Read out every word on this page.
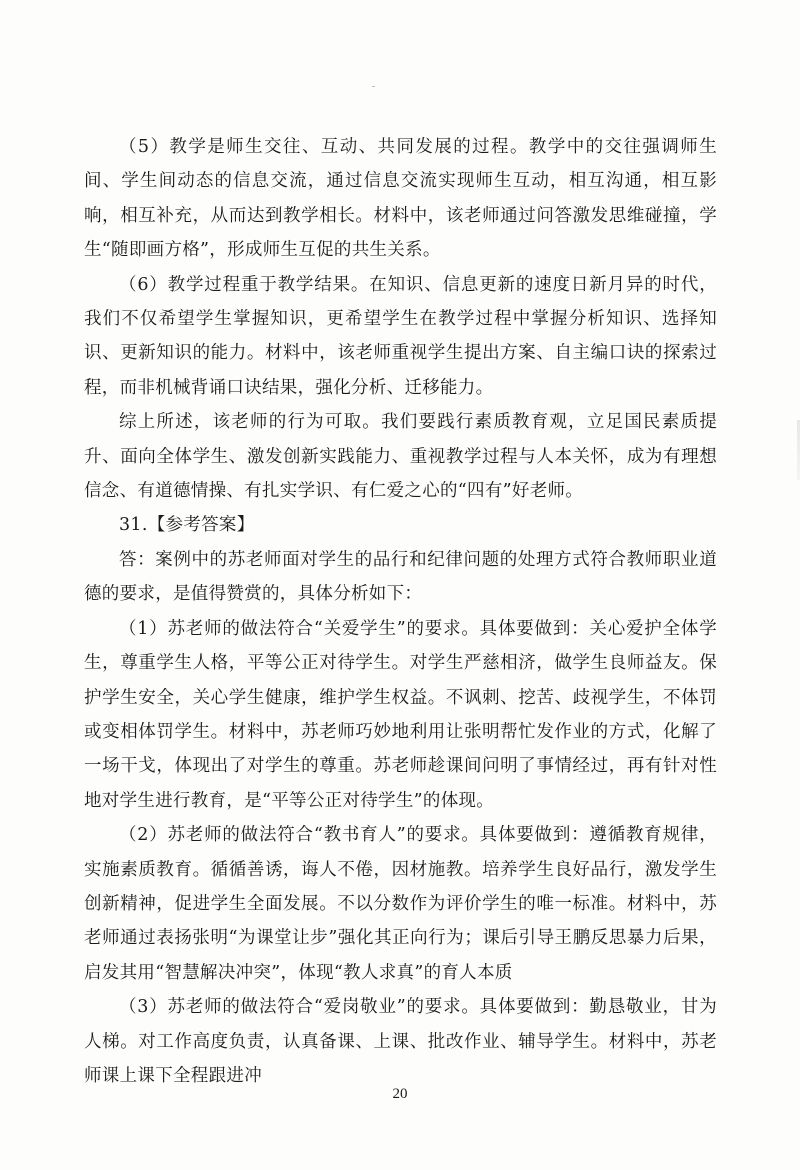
（5）教学是师生交往、互动、共同发展的过程。教学中的交往强调师生间、学生间动态的信息交流，通过信息交流实现师生互动，相互沟通，相互影响，相互补充，从而达到教学相长。材料中，该老师通过问答激发思维碰撞，学生“随即画方格”，形成师生互促的共生关系。

（6）教学过程重于教学结果。在知识、信息更新的速度日新月异的时代，我们不仅希望学生掌握知识，更希望学生在教学过程中掌握分析知识、选择知识、更新知识的能力。材料中，该老师重视学生提出方案、自主编口诀的探索过程，而非机械背诵口诀结果，强化分析、迁移能力。

综上所述，该老师的行为可取。我们要践行素质教育观，立足国民素质提升、面向全体学生、激发创新实践能力、重视教学过程与人本关怀，成为有理想信念、有道德情操、有扎实学识、有仁爱之心的“四有”好老师。

31.【参考答案】

答：案例中的苏老师面对学生的品行和纪律问题的处理方式符合教师职业道德的要求，是值得赞赏的，具体分析如下：

（1）苏老师的做法符合“关爱学生”的要求。具体要做到：关心爱护全体学生，尊重学生人格，平等公正对待学生。对学生严慈相济，做学生良师益友。保护学生安全，关心学生健康，维护学生权益。不讽刺、挖苦、歧视学生，不体罚或变相体罚学生。材料中，苏老师巧妙地利用让张明帮忙发作业的方式，化解了一场干戈，体现出了对学生的尊重。苏老师趁课间问明了事情经过，再有针对性地对学生进行教育，是“平等公正对待学生”的体现。

（2）苏老师的做法符合“教书育人”的要求。具体要做到：遵循教育规律，实施素质教育。循循善诱，诲人不倦，因材施教。培养学生良好品行，激发学生创新精神，促进学生全面发展。不以分数作为评价学生的唯一标准。材料中，苏老师通过表扬张明“为课堂让步”强化其正向行为；课后引导王鹏反思暴力后果，启发其用“智慧解决冲突”，体现“教人求真”的育人本质

（3）苏老师的做法符合“爱岗敬业”的要求。具体要做到：勤恳敬业，甘为人梯。对工作高度负责，认真备课、上课、批改作业、辅导学生。材料中，苏老师课上课下全程跟进冲

20
